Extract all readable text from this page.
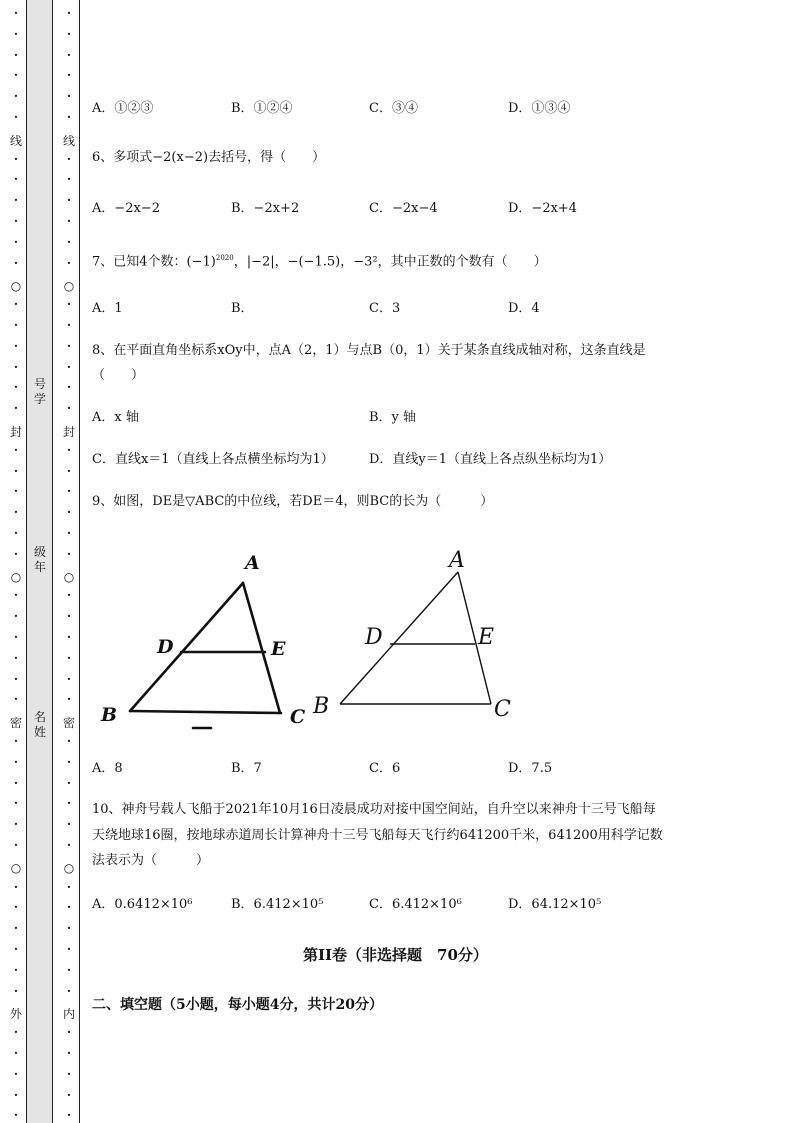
·
·
·
·
·
·
·
·
·
·
·
·
·
·
·
·
·
·
·
·
·
·
·
·
·
·
·
·
·
·
·
·
·
·
·
·
·
·
·
·
·
·
·
·
·
·
·
·
·
·
·
·
·
·
·
·
·
·
·
·
·
·
·
·
·
·
·
·
·
·
·
·
·
·
·
·
·
·
·
·
·
·
·
·
·
·
·
·
·
·
·
·
·
·
线
○
封
○
密
○
外
线
○
封
○
密
○
内
号学
级年
名姓
A．①②③	B．①②④	C．③④	D．①③④
6、多项式−2(x−2)去括号，得（　　）
A．−2x−2	B．−2x+2	C．−2x−4	D．−2x+4
7、已知4个数：$(-1)^{2020}$，|−2|，−(−1.5)，−3²，其中正数的个数有（　　）
A．1	B．	C．3	D．4
8、在平面直角坐标系xOy中，点A（2，1）与点B（0，1）关于某条直线成轴对称，这条直线是
（　　）
A．x 轴	B．y 轴
C．直线x＝1（直线上各点横坐标均为1）	D．直线y＝1（直线上各点纵坐标均为1）
9、如图，DE是▽ABC的中位线，若DE＝4，则BC的长为（　　　）
A
D	E
B	C
A
D	E
B	C
A．8	B．7	C．6	D．7.5
10、神舟号载人飞船于2021年10月16日凌晨成功对接中国空间站，自升空以来神舟十三号飞船每
天绕地球16圈，按地球赤道周长计算神舟十三号飞船每天飞行约641200千米，641200用科学记数
法表示为（　　　）
A．0.6412×10⁶	B．6.412×10⁵	C．6.412×10⁶	D．64.12×10⁵
第II卷（非选择题　70分）
二、填空题（5小题，每小题4分，共计20分）
